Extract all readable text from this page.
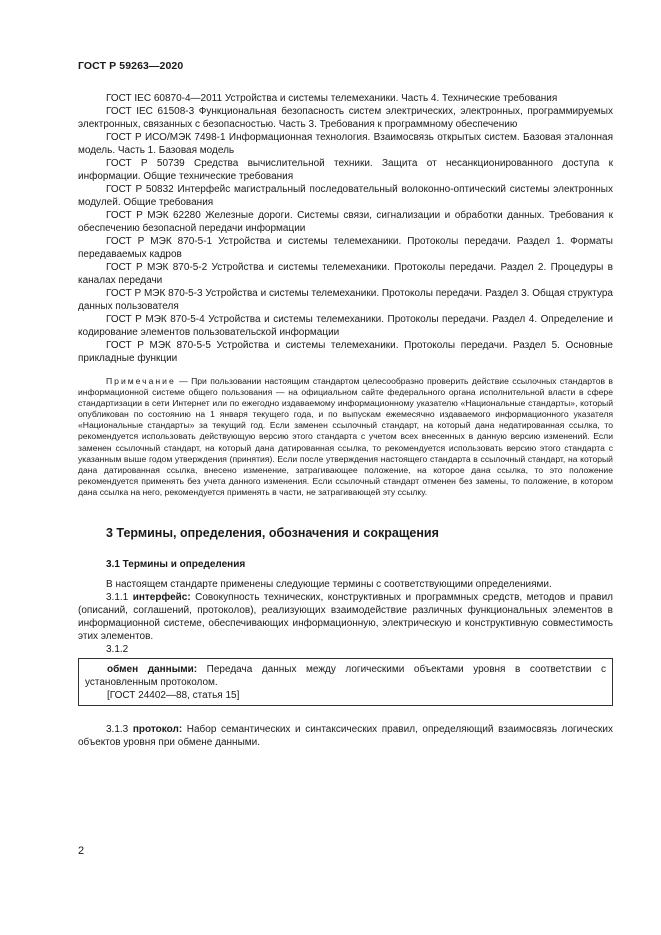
ГОСТ Р 59263—2020

ГОСТ IEC 60870-4—2011 Устройства и системы телемеханики. Часть 4. Технические требования

ГОСТ IEC 61508-3 Функциональная безопасность систем электрических, электронных, программируемых электронных, связанных с безопасностью. Часть 3. Требования к программному обеспечению

ГОСТ Р ИСО/МЭК 7498-1 Информационная технология. Взаимосвязь открытых систем. Базовая эталонная модель. Часть 1. Базовая модель

ГОСТ Р 50739 Средства вычислительной техники. Защита от несанкционированного доступа к информации. Общие технические требования

ГОСТ Р 50832 Интерфейс магистральный последовательный волоконно-оптический системы электронных модулей. Общие требования

ГОСТ Р МЭК 62280 Железные дороги. Системы связи, сигнализации и обработки данных. Требования к обеспечению безопасной передачи информации

ГОСТ Р МЭК 870-5-1 Устройства и системы телемеханики. Протоколы передачи. Раздел 1. Форматы передаваемых кадров

ГОСТ Р МЭК 870-5-2 Устройства и системы телемеханики. Протоколы передачи. Раздел 2. Процедуры в каналах передачи

ГОСТ Р МЭК 870-5-3 Устройства и системы телемеханики. Протоколы передачи. Раздел 3. Общая структура данных пользователя

ГОСТ Р МЭК 870-5-4 Устройства и системы телемеханики. Протоколы передачи. Раздел 4. Определение и кодирование элементов пользовательской информации

ГОСТ Р МЭК 870-5-5 Устройства и системы телемеханики. Протоколы передачи. Раздел 5. Основные прикладные функции

Примечание — При пользовании настоящим стандартом целесообразно проверить действие ссылочных стандартов в информационной системе общего пользования — на официальном сайте федерального органа исполнительной власти в сфере стандартизации в сети Интернет или по ежегодно издаваемому информационному указателю «Национальные стандарты», который опубликован по состоянию на 1 января текущего года, и по выпускам ежемесячно издаваемого информационного указателя «Национальные стандарты» за текущий год. Если заменен ссылочный стандарт, на который дана недатированная ссылка, то рекомендуется использовать действующую версию этого стандарта с учетом всех внесенных в данную версию изменений. Если заменен ссылочный стандарт, на который дана датированная ссылка, то рекомендуется использовать версию этого стандарта с указанным выше годом утверждения (принятия). Если после утверждения настоящего стандарта в ссылочный стандарт, на который дана датированная ссылка, внесено изменение, затрагивающее положение, на которое дана ссылка, то это положение рекомендуется применять без учета данного изменения. Если ссылочный стандарт отменен без замены, то положение, в котором дана ссылка на него, рекомендуется применять в части, не затрагивающей эту ссылку.

3 Термины, определения, обозначения и сокращения
3.1 Термины и определения

В настоящем стандарте применены следующие термины с соответствующими определениями.

3.1.1 интерфейс: Совокупность технических, конструктивных и программных средств, методов и правил (описаний, соглашений, протоколов), реализующих взаимодействие различных функциональных элементов в информационной системе, обеспечивающих информационную, электрическую и конструктивную совместимость этих элементов.

3.1.2

обмен данными: Передача данных между логическими объектами уровня в соответствии с установленным протоколом.

[ГОСТ 24402—88, статья 15]

3.1.3 протокол: Набор семантических и синтаксических правил, определяющий взаимосвязь логических объектов уровня при обмене данными.

2
